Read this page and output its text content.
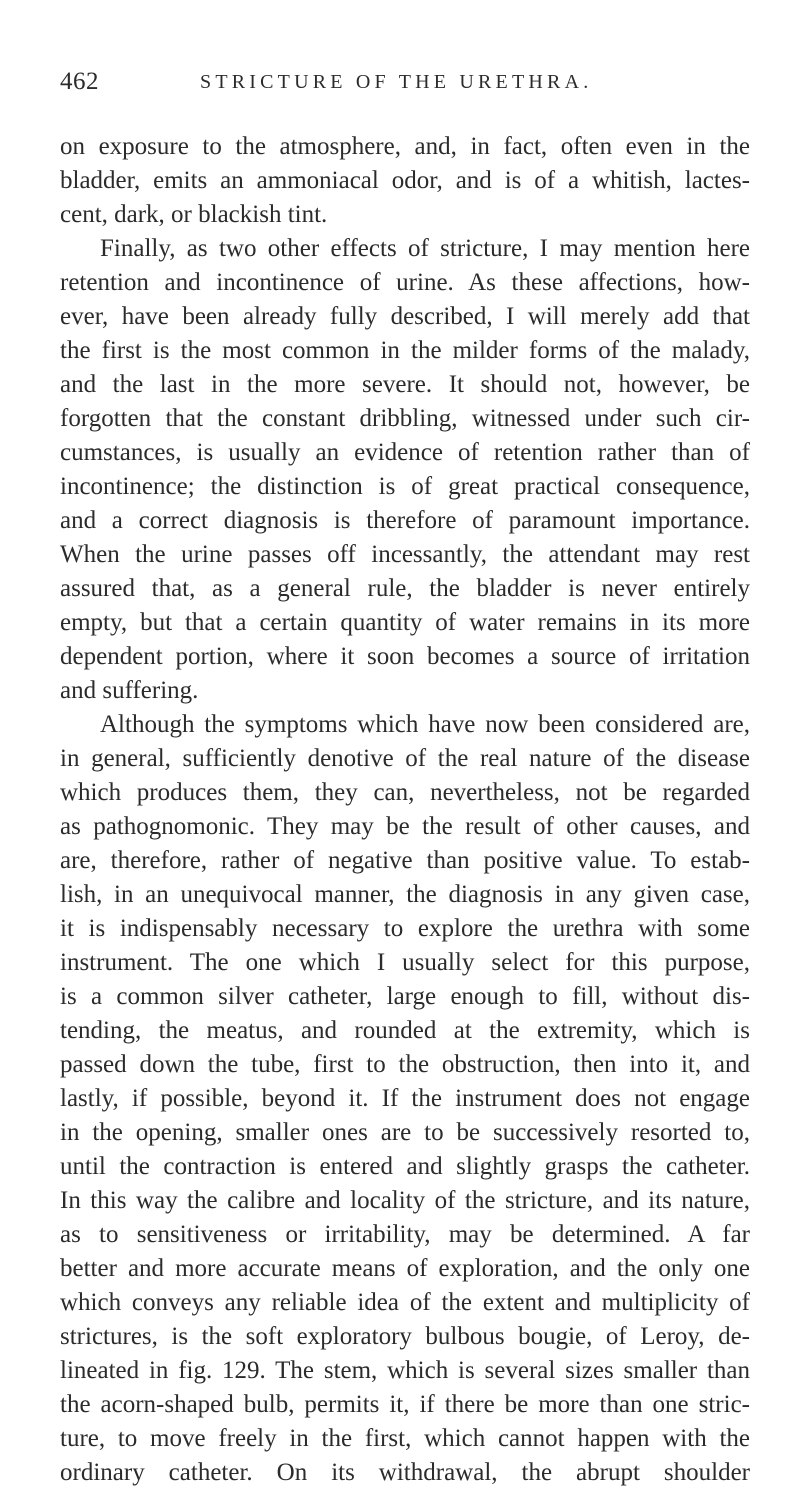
462	STRICTURE OF THE URETHRA.
on exposure to the atmosphere, and, in fact, often even in the
bladder, emits an ammoniacal odor, and is of a whitish, lactes-
cent, dark, or blackish tint.
Finally, as two other effects of stricture, I may mention here
retention and incontinence of urine. As these affections, how-
ever, have been already fully described, I will merely add that
the first is the most common in the milder forms of the malady,
and the last in the more severe. It should not, however, be
forgotten that the constant dribbling, witnessed under such cir-
cumstances, is usually an evidence of retention rather than of
incontinence; the distinction is of great practical consequence,
and a correct diagnosis is therefore of paramount importance.
When the urine passes off incessantly, the attendant may rest
assured that, as a general rule, the bladder is never entirely
empty, but that a certain quantity of water remains in its more
dependent portion, where it soon becomes a source of irritation
and suffering.
Although the symptoms which have now been considered are,
in general, sufficiently denotive of the real nature of the disease
which produces them, they can, nevertheless, not be regarded
as pathognomonic. They may be the result of other causes, and
are, therefore, rather of negative than positive value. To estab-
lish, in an unequivocal manner, the diagnosis in any given case,
it is indispensably necessary to explore the urethra with some
instrument. The one which I usually select for this purpose,
is a common silver catheter, large enough to fill, without dis-
tending, the meatus, and rounded at the extremity, which is
passed down the tube, first to the obstruction, then into it, and
lastly, if possible, beyond it. If the instrument does not engage
in the opening, smaller ones are to be successively resorted to,
until the contraction is entered and slightly grasps the catheter.
In this way the calibre and locality of the stricture, and its nature,
as to sensitiveness or irritability, may be determined. A far
better and more accurate means of exploration, and the only one
which conveys any reliable idea of the extent and multiplicity of
strictures, is the soft exploratory bulbous bougie, of Leroy, de-
lineated in fig. 129. The stem, which is several sizes smaller than
the acorn-shaped bulb, permits it, if there be more than one stric-
ture, to move freely in the first, which cannot happen with the
ordinary catheter. On its withdrawal, the abrupt shoulder
